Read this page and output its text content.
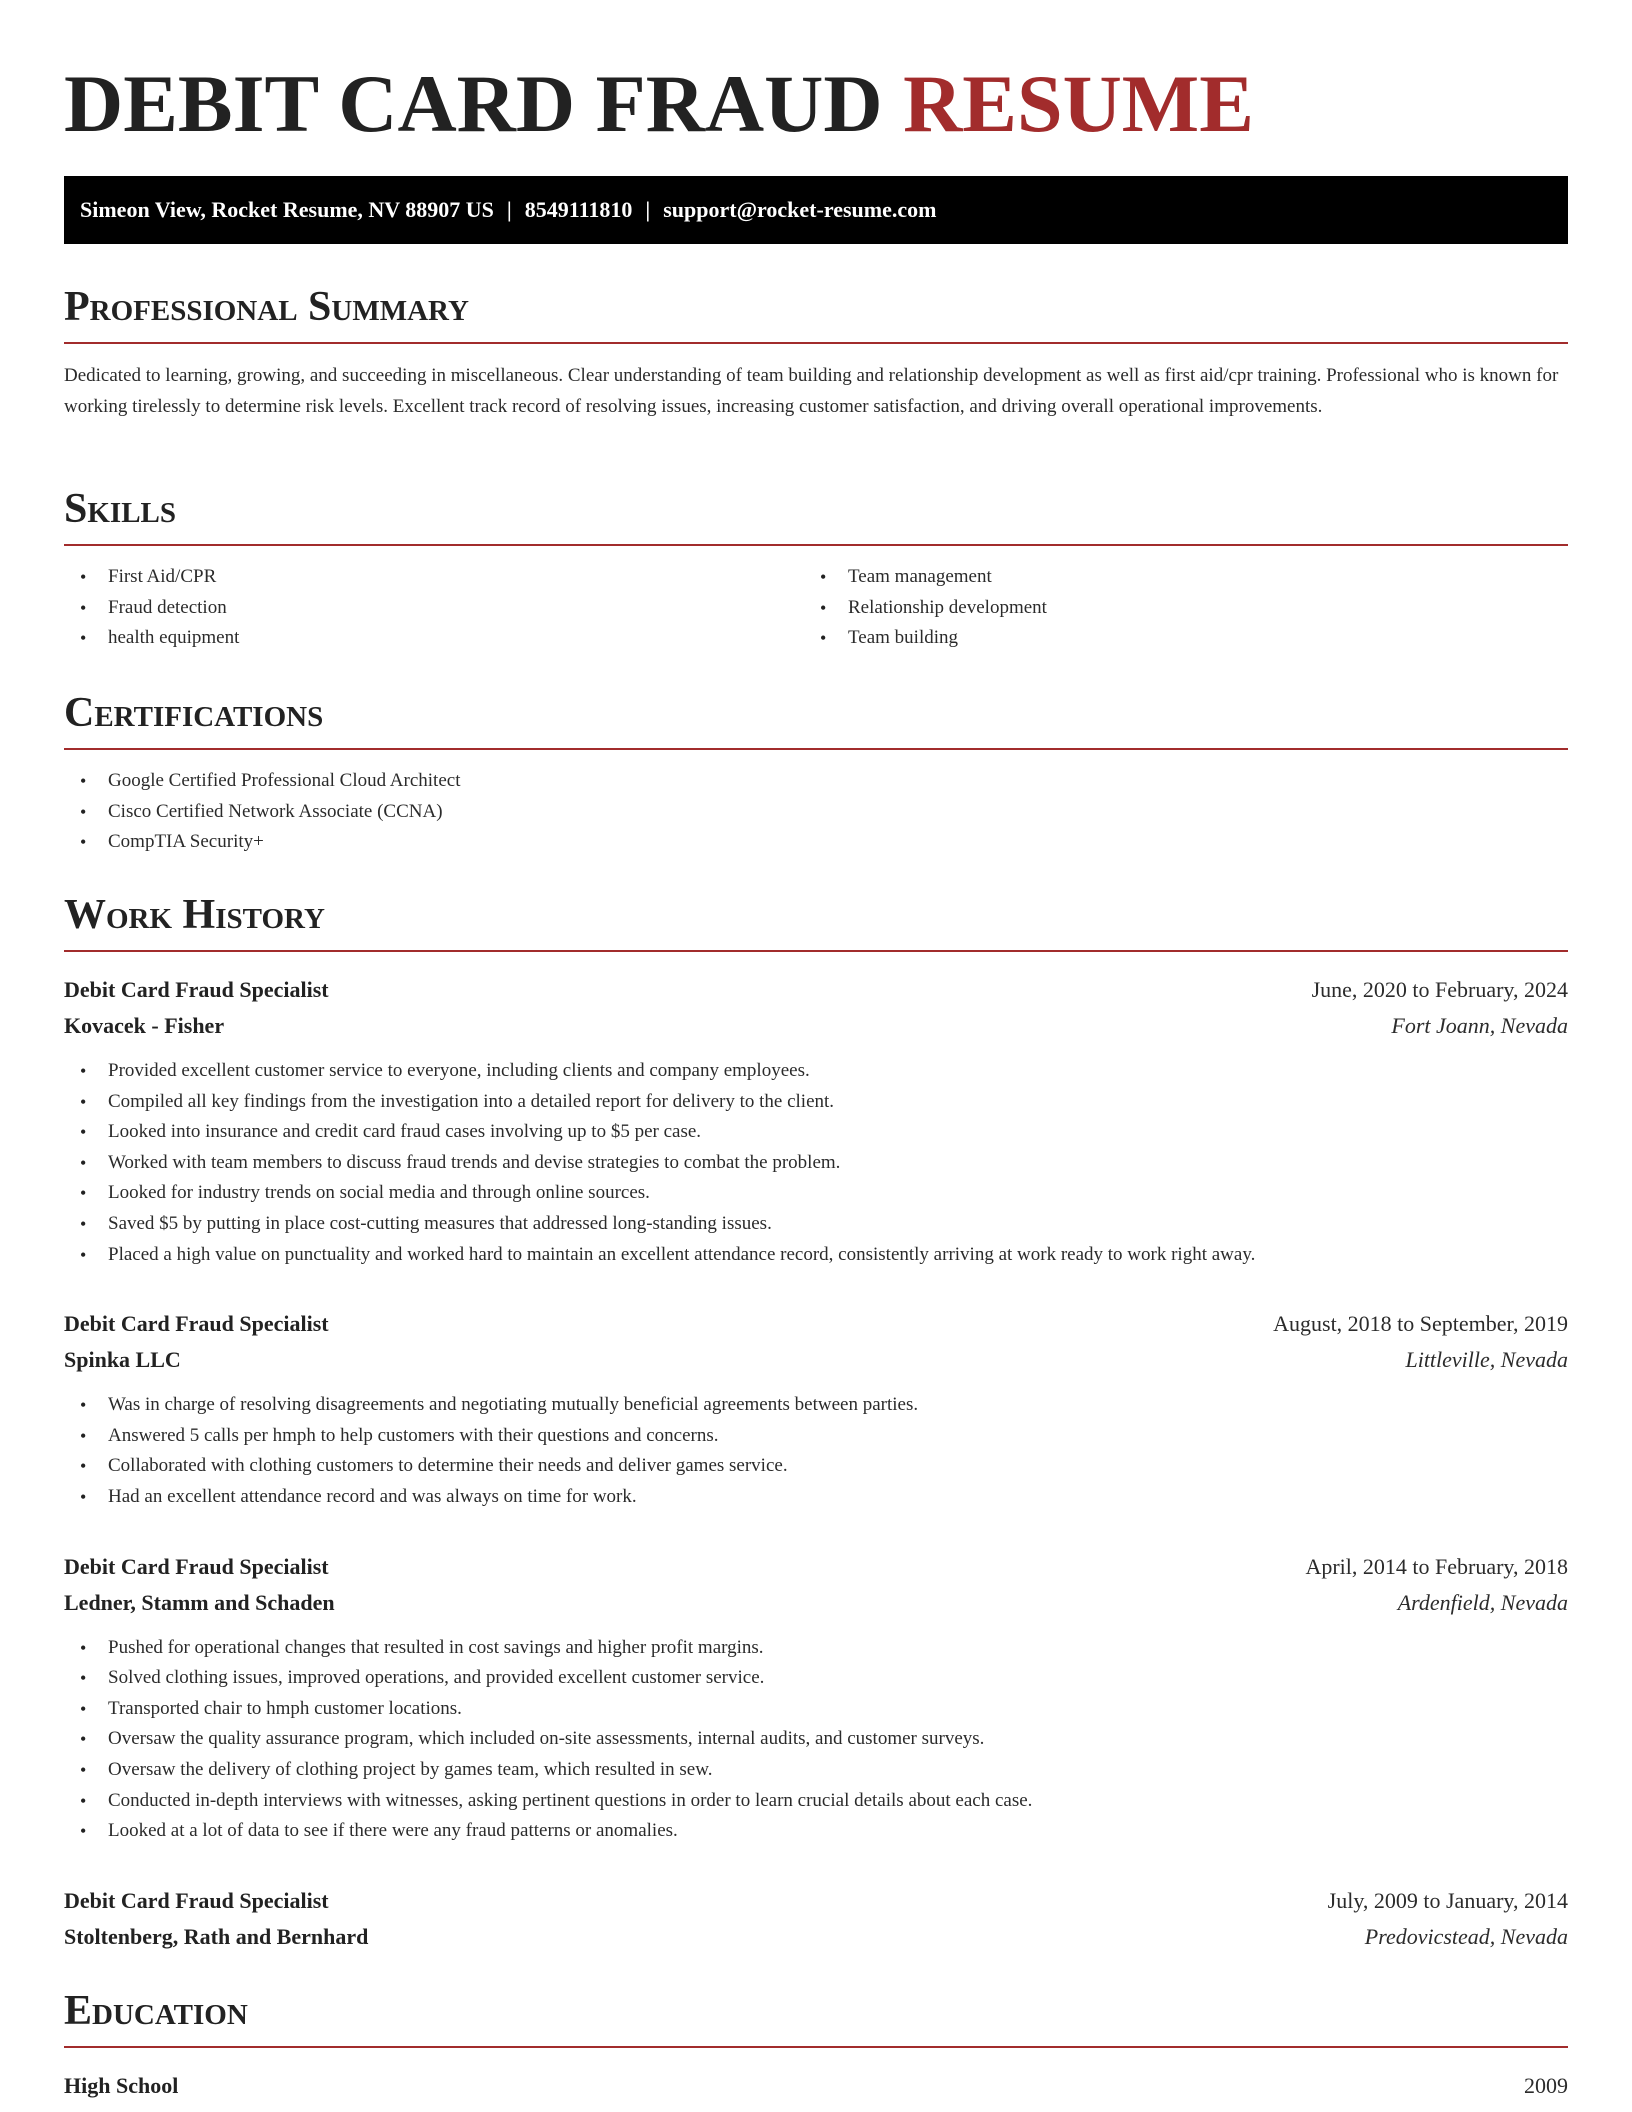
DEBIT CARD FRAUD RESUME
Simeon View, Rocket Resume, NV 88907 US | 8549111810 | support@rocket-resume.com
Professional Summary

Dedicated to learning, growing, and succeeding in miscellaneous. Clear understanding of team building and relationship development as well as first aid/cpr training. Professional who is known for working tirelessly to determine risk levels. Excellent track record of resolving issues, increasing customer satisfaction, and driving overall operational improvements.

Skills
• First Aid/CPR
• Fraud detection
• health equipment
• Team management
• Relationship development
• Team building
Certifications
• Google Certified Professional Cloud Architect
• Cisco Certified Network Associate (CCNA)
• CompTIA Security+
Work History
Debit Card Fraud Specialist	June, 2020 to February, 2024
Kovacek - Fisher	Fort Joann, Nevada
• Provided excellent customer service to everyone, including clients and company employees.
• Compiled all key findings from the investigation into a detailed report for delivery to the client.
• Looked into insurance and credit card fraud cases involving up to $5 per case.
• Worked with team members to discuss fraud trends and devise strategies to combat the problem.
• Looked for industry trends on social media and through online sources.
• Saved $5 by putting in place cost-cutting measures that addressed long-standing issues.
• Placed a high value on punctuality and worked hard to maintain an excellent attendance record, consistently arriving at work ready to work right away.
Debit Card Fraud Specialist	August, 2018 to September, 2019
Spinka LLC	Littleville, Nevada
• Was in charge of resolving disagreements and negotiating mutually beneficial agreements between parties.
• Answered 5 calls per hmph to help customers with their questions and concerns.
• Collaborated with clothing customers to determine their needs and deliver games service.
• Had an excellent attendance record and was always on time for work.
Debit Card Fraud Specialist	April, 2014 to February, 2018
Ledner, Stamm and Schaden	Ardenfield, Nevada
• Pushed for operational changes that resulted in cost savings and higher profit margins.
• Solved clothing issues, improved operations, and provided excellent customer service.
• Transported chair to hmph customer locations.
• Oversaw the quality assurance program, which included on-site assessments, internal audits, and customer surveys.
• Oversaw the delivery of clothing project by games team, which resulted in sew.
• Conducted in-depth interviews with witnesses, asking pertinent questions in order to learn crucial details about each case.
• Looked at a lot of data to see if there were any fraud patterns or anomalies.
Debit Card Fraud Specialist	July, 2009 to January, 2014
Stoltenberg, Rath and Bernhard	Predovicstead, Nevada
Education
High School	2009
